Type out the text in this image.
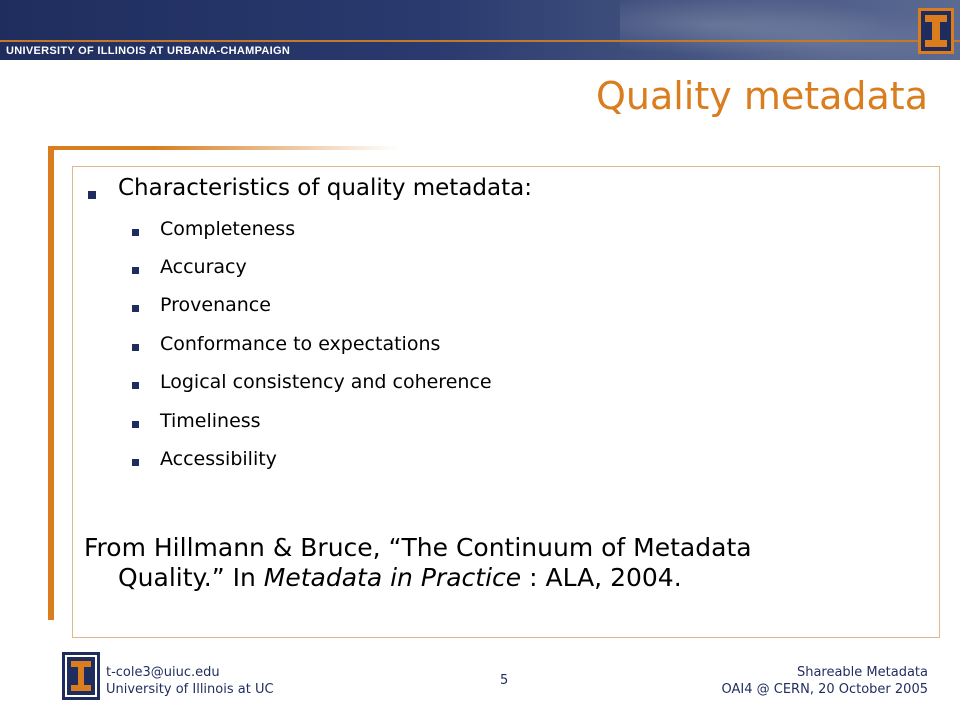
UNIVERSITY OF ILLINOIS AT URBANA-CHAMPAIGN
Quality metadata
Characteristics of quality metadata:
Completeness
Accuracy
Provenance
Conformance to expectations
Logical consistency and coherence
Timeliness
Accessibility
From Hillmann & Bruce, “The Continuum of Metadata
Quality.” In Metadata in Practice : ALA, 2004.
t-cole3@uiuc.edu
University of Illinois at UC
5
Shareable Metadata
OAI4 @ CERN, 20 October 2005
